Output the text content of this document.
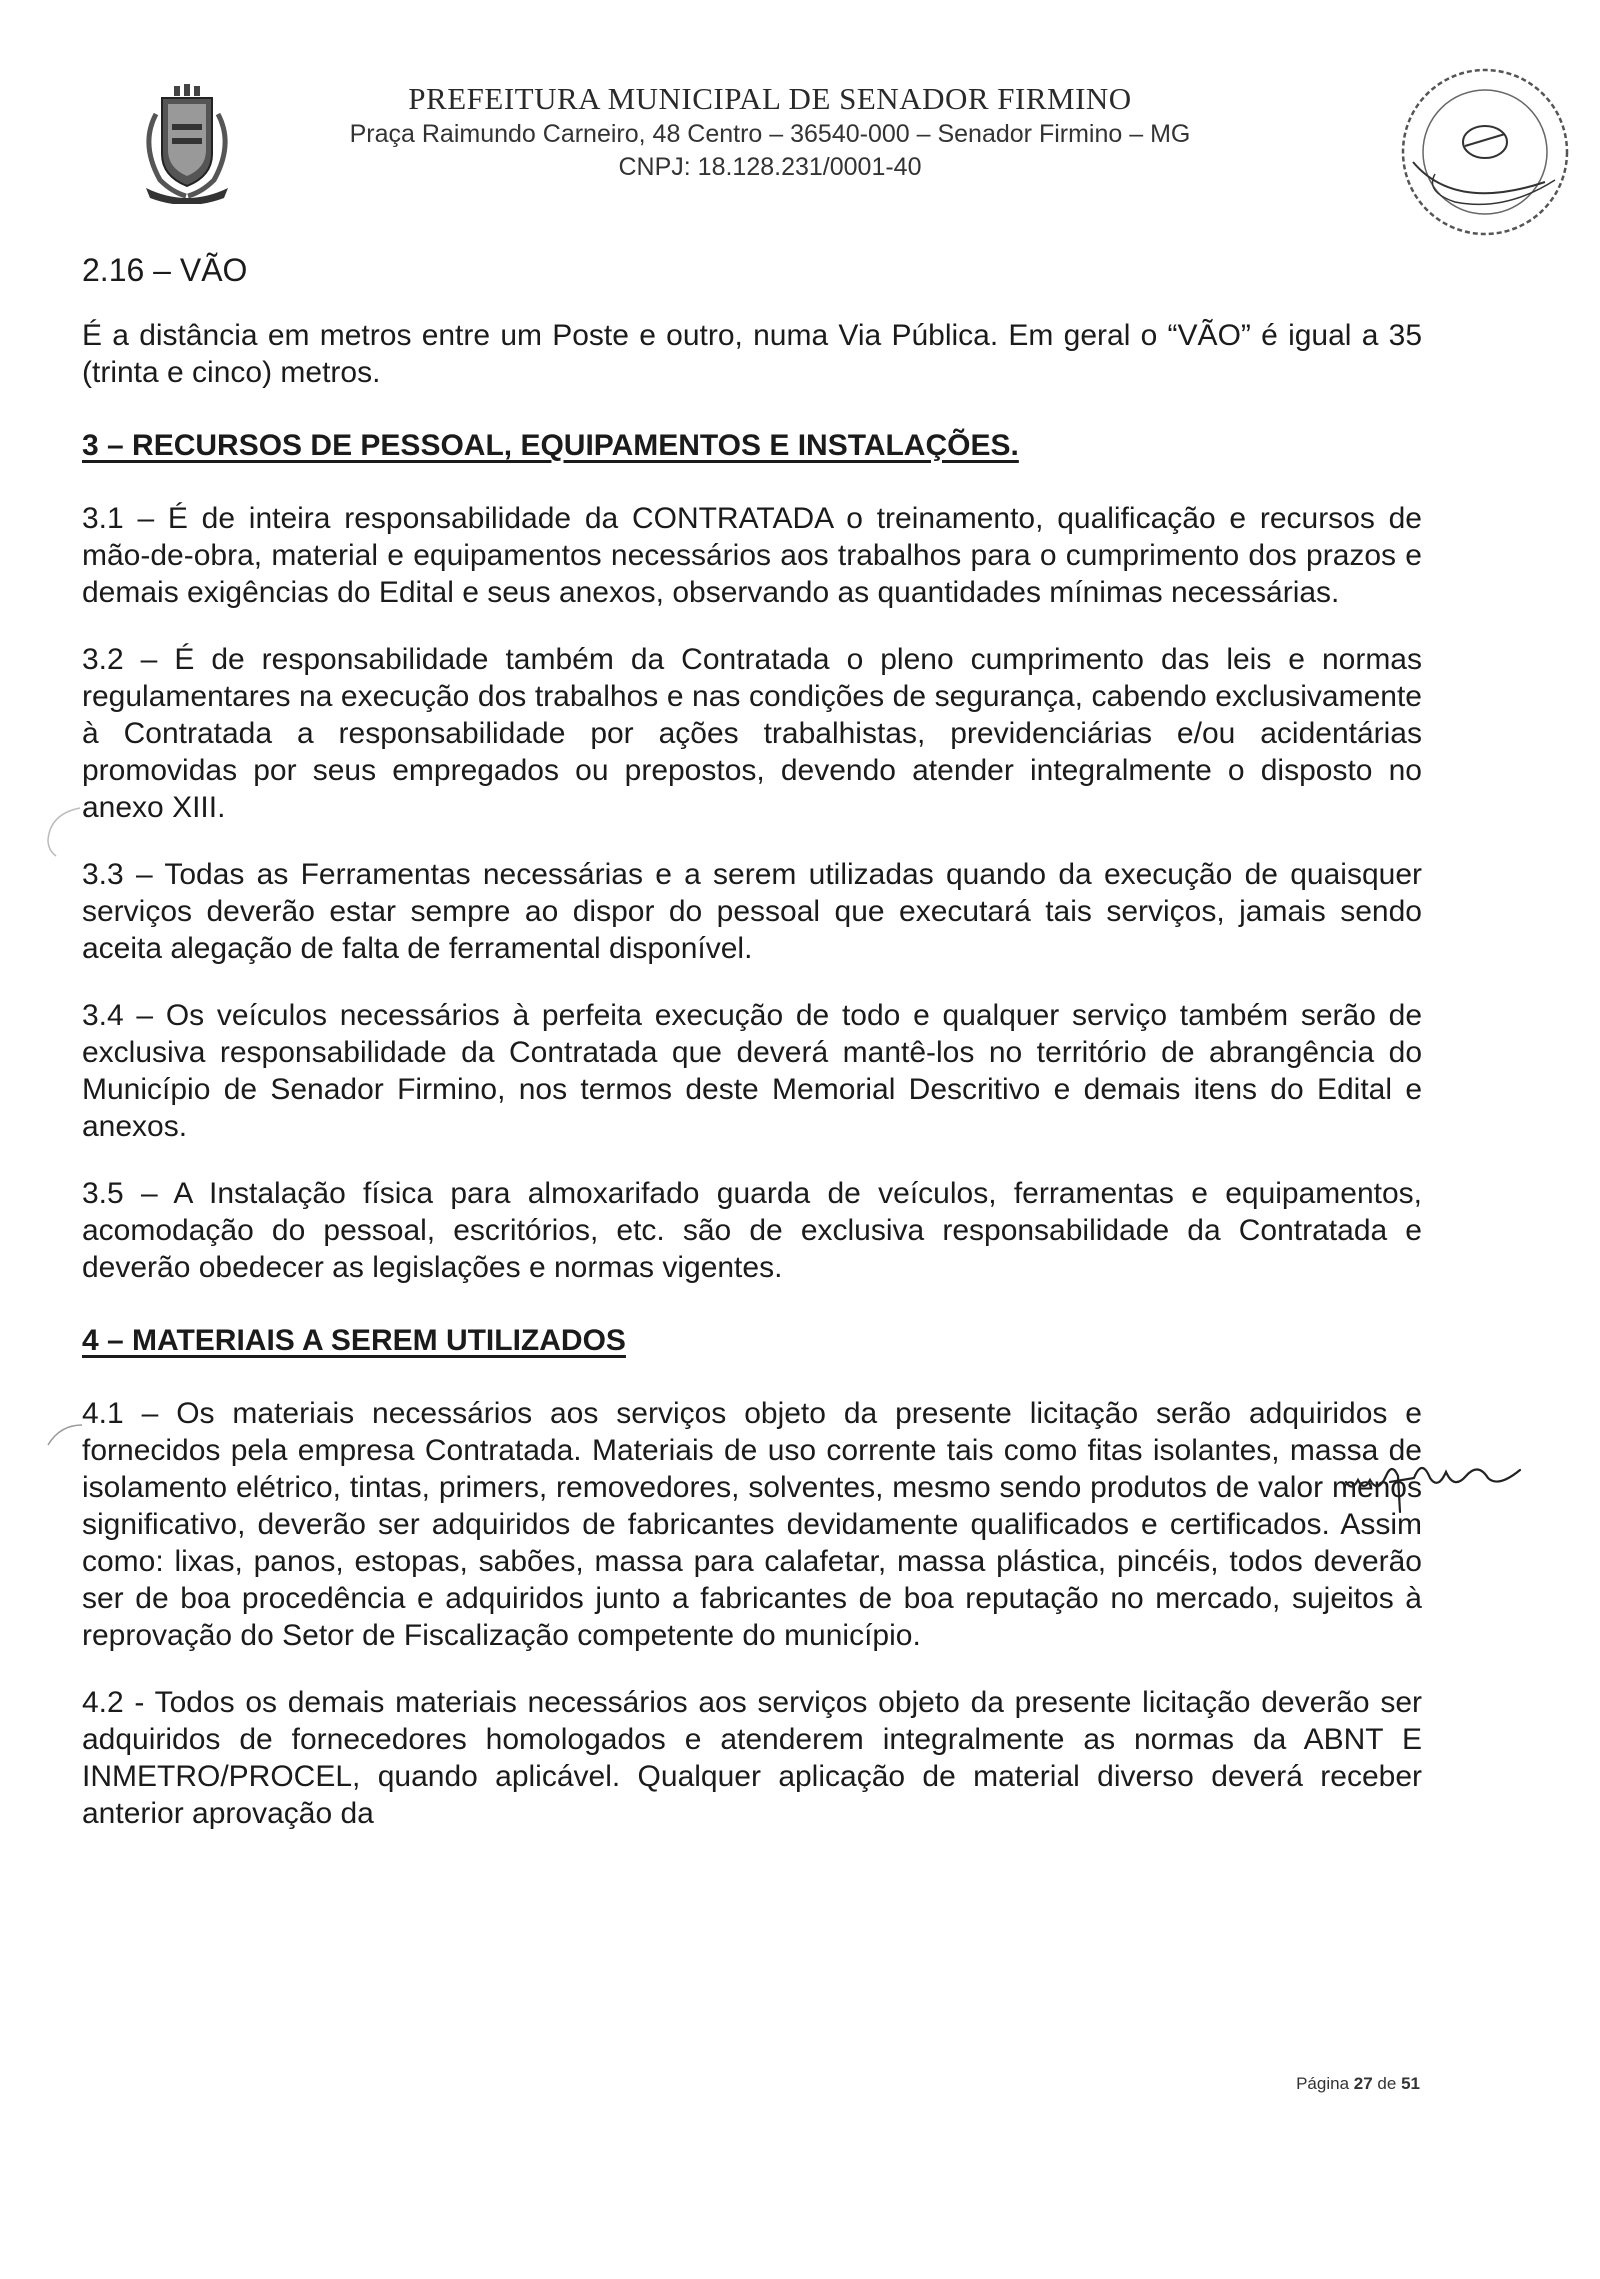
PREFEITURA MUNICIPAL DE SENADOR FIRMINO
Praça Raimundo Carneiro, 48 Centro – 36540-000 – Senador Firmino – MG
CNPJ: 18.128.231/0001-40
2.16 – VÃO

É a distância em metros entre um Poste e outro, numa Via Pública. Em geral o “VÃO” é igual a 35 (trinta e cinco) metros.

3 – RECURSOS DE PESSOAL, EQUIPAMENTOS E INSTALAÇÕES.

3.1 – É de inteira responsabilidade da CONTRATADA o treinamento, qualificação e recursos de mão-de-obra, material e equipamentos necessários aos trabalhos para o cumprimento dos prazos e demais exigências do Edital e seus anexos, observando as quantidades mínimas necessárias.

3.2 – É de responsabilidade também da Contratada o pleno cumprimento das leis e normas regulamentares na execução dos trabalhos e nas condições de segurança, cabendo exclusivamente à Contratada a responsabilidade por ações trabalhistas, previdenciárias e/ou acidentárias promovidas por seus empregados ou prepostos, devendo atender integralmente o disposto no anexo XIII.

3.3 – Todas as Ferramentas necessárias e a serem utilizadas quando da execução de quaisquer serviços deverão estar sempre ao dispor do pessoal que executará tais serviços, jamais sendo aceita alegação de falta de ferramental disponível.

3.4 – Os veículos necessários à perfeita execução de todo e qualquer serviço também serão de exclusiva responsabilidade da Contratada que deverá mantê-los no território de abrangência do Município de Senador Firmino, nos termos deste Memorial Descritivo e demais itens do Edital e anexos.

3.5 – A Instalação física para almoxarifado guarda de veículos, ferramentas e equipamentos, acomodação do pessoal, escritórios, etc. são de exclusiva responsabilidade da Contratada e deverão obedecer as legislações e normas vigentes.

4 – MATERIAIS A SEREM UTILIZADOS

4.1 – Os materiais necessários aos serviços objeto da presente licitação serão adquiridos e fornecidos pela empresa Contratada. Materiais de uso corrente tais como fitas isolantes, massa de isolamento elétrico, tintas, primers, removedores, solventes, mesmo sendo produtos de valor menos significativo, deverão ser adquiridos de fabricantes devidamente qualificados e certificados. Assim como: lixas, panos, estopas, sabões, massa para calafetar, massa plástica, pincéis, todos deverão ser de boa procedência e adquiridos junto a fabricantes de boa reputação no mercado, sujeitos à reprovação do Setor de Fiscalização competente do município.

4.2 - Todos os demais materiais necessários aos serviços objeto da presente licitação deverão ser adquiridos de fornecedores homologados e atenderem integralmente as normas da ABNT E INMETRO/PROCEL, quando aplicável. Qualquer aplicação de material diverso deverá receber anterior aprovação da

Página 27 de 51
